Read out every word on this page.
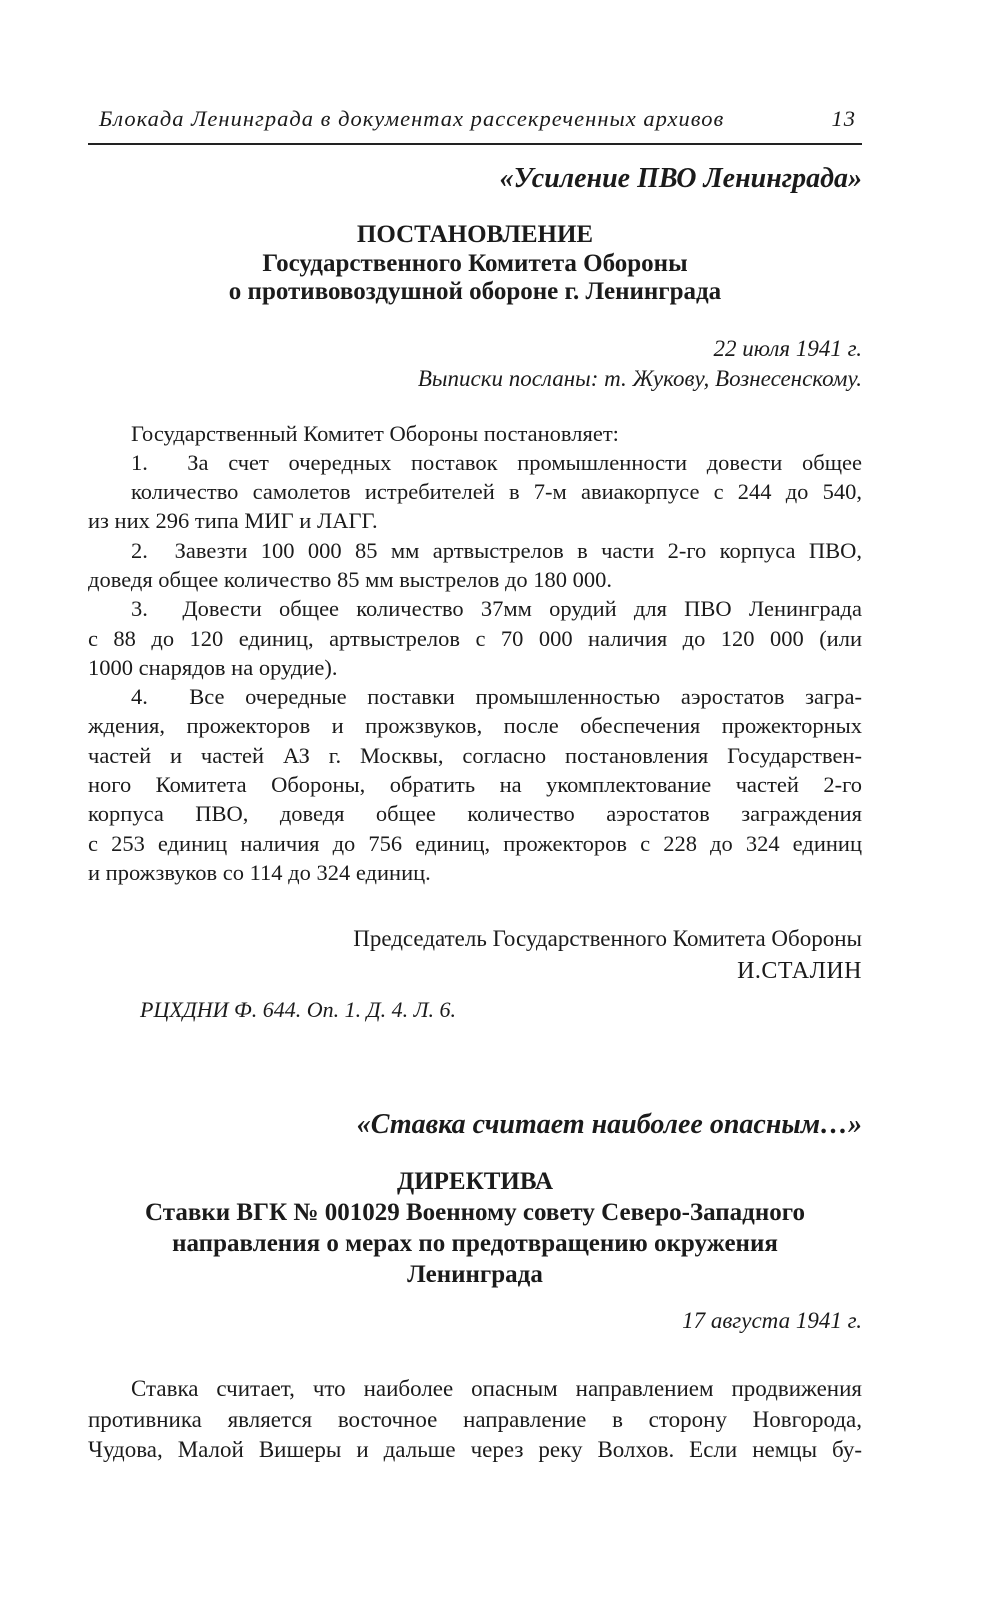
Блокада Ленинграда в документах рассекреченных архивов	13
«Усиление ПВО Ленинграда»
ПОСТАНОВЛЕНИЕ
Государственного Комитета Обороны
о противовоздушной обороне г. Ленинграда
22 июля 1941 г.
Выписки посланы: т. Жукову, Вознесенскому.
Государственный Комитет Обороны постановляет:
1.  За счет очередных поставок промышленности довести общее
количество самолетов истребителей в 7-м авиакорпусе с 244 до 540,
из них 296 типа МИГ и ЛАГГ.
2.  Завезти 100 000 85 мм артвыстрелов в части 2-го корпуса ПВО,
доведя общее количество 85 мм выстрелов до 180 000.
3.  Довести общее количество 37мм орудий для ПВО Ленинграда
с 88 до 120 единиц, артвыстрелов с 70 000 наличия до 120 000 (или
1000 снарядов на орудие).
4.  Все очередные поставки промышленностью аэростатов загра-
ждения, прожекторов и прожзвуков, после обеспечения прожекторных
частей и частей АЗ г. Москвы, согласно постановления Государствен-
ного Комитета Обороны, обратить на укомплектование частей 2-го
корпуса ПВО, доведя общее количество аэростатов заграждения
с 253 единиц наличия до 756 единиц, прожекторов с 228 до 324 единиц
и прожзвуков со 114 до 324 единиц.
Председатель Государственного Комитета Обороны
И.СТАЛИН
РЦХДНИ Ф. 644. Оп. 1. Д. 4. Л. 6.
«Ставка считает наиболее опасным…»
ДИРЕКТИВА
Ставки ВГК № 001029 Военному совету Северо-Западного
направления о мерах по предотвращению окружения
Ленинграда
17 августа 1941 г.
Ставка считает, что наиболее опасным направлением продвижения
противника является восточное направление в сторону Новгорода,
Чудова, Малой Вишеры и дальше через реку Волхов. Если немцы бу-
